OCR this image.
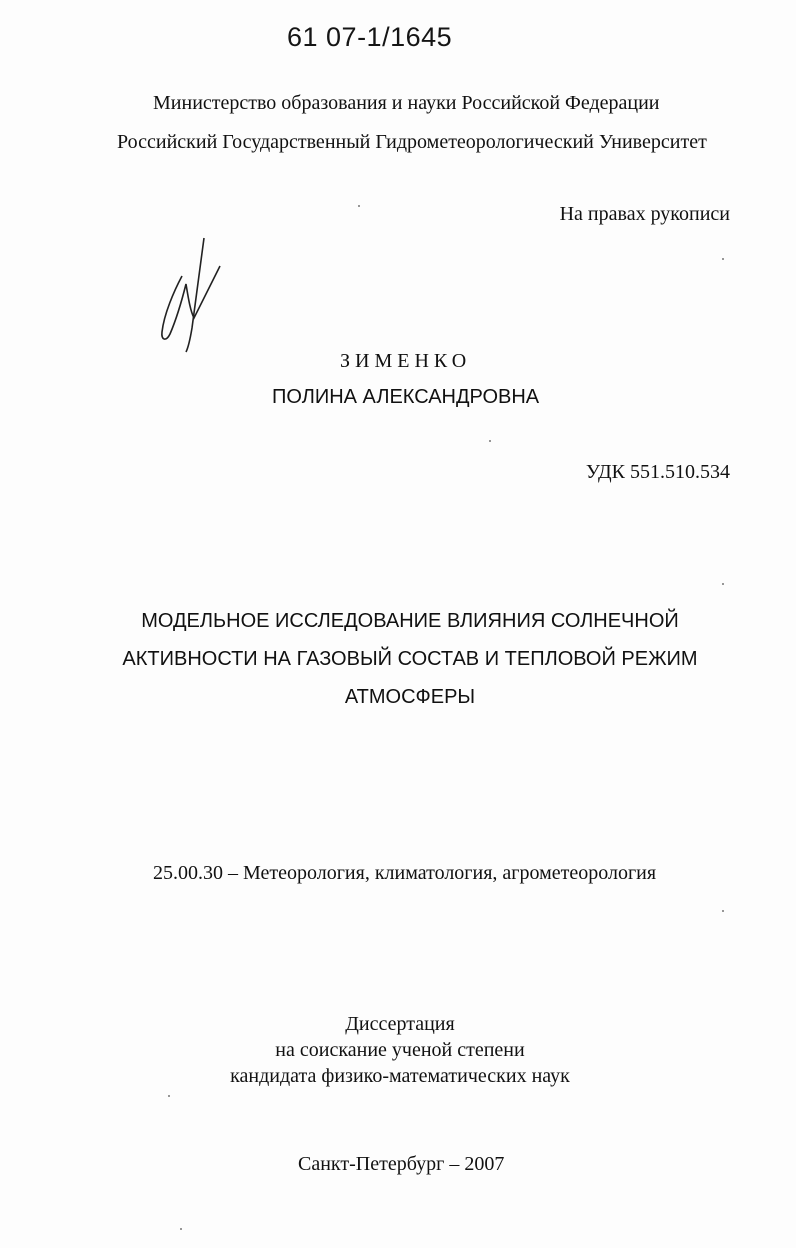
61 07-1/1645
Министерство образования и науки Российской Федерации
Российский Государственный Гидрометеорологический Университет
На правах рукописи
ЗИМЕНКО
ПОЛИНА АЛЕКСАНДРОВНА
УДК 551.510.534
МОДЕЛЬНОЕ ИССЛЕДОВАНИЕ ВЛИЯНИЯ СОЛНЕЧНОЙ
АКТИВНОСТИ НА ГАЗОВЫЙ СОСТАВ И ТЕПЛОВОЙ РЕЖИМ
АТМОСФЕРЫ
25.00.30 – Метеорология, климатология, агрометеорология
Диссертация
на соискание ученой степени
кандидата физико-математических наук
Санкт-Петербург – 2007
